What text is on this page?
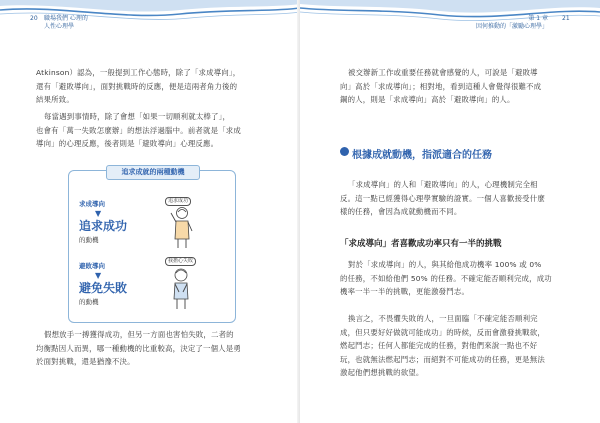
20 職場我們 心理的
人性心理學
Atkinson）認為，一般提到工作心態時，除了「求成導向」，
還有「避敗導向」，面對挑戰時的反應，便是這兩者角力後的
結果所致。
每當遇到事情時，除了會想「如果一切順利就太棒了」，
也會有「萬一失敗怎麼辦」的想法浮過腦中。前者就是「求成
導向」的心理反應，後者則是「避敗導向」心理反應。
追求成就的兩種動機
求成導向
▼
追求成功
的動機
避敗導向
▼
避免失敗
的動機
追求成功
我擔心失敗
假想放手一搏獲得成功，但另一方面也害怕失敗，二者的
均衡點因人而異，哪一種動機的比重較高，決定了一個人是勇
於面對挑戰，還是猶豫不決。
第 1 章
因何推動的「激勵心理學」
21
被交辦新工作或重要任務就會感覺的人，可說是「避敗導
向」高於「求成導向」；相對地，看到這種人會覺得很難不成
鋼的人，則是「求成導向」高於「避敗導向」的人。
根據成就動機，指派適合的任務
「求成導向」的人和「避敗導向」的人，心理機制完全相
反。這一點已經獲得心理學實驗的證實。一個人喜歡接受什麼
樣的任務，會因為成就動機而不同。
「求成導向」者喜歡成功率只有一半的挑戰
對於「求成導向」的人，與其給他成功機率 100% 或 0%
的任務，不如給他們 50% 的任務。不確定能否順利完成，成功
機率一半一半的挑戰，更能激發鬥志。
換言之，不畏懼失敗的人，一旦面臨「不確定能否順利完
成，但只要好好做就可能成功」的時候，反而會激發挑戰欲，
燃起鬥志；任何人都能完成的任務，對他們來說一點也不好
玩，也就無法燃起鬥志；而絕對不可能成功的任務，更是無法
激起他們想挑戰的欲望。
